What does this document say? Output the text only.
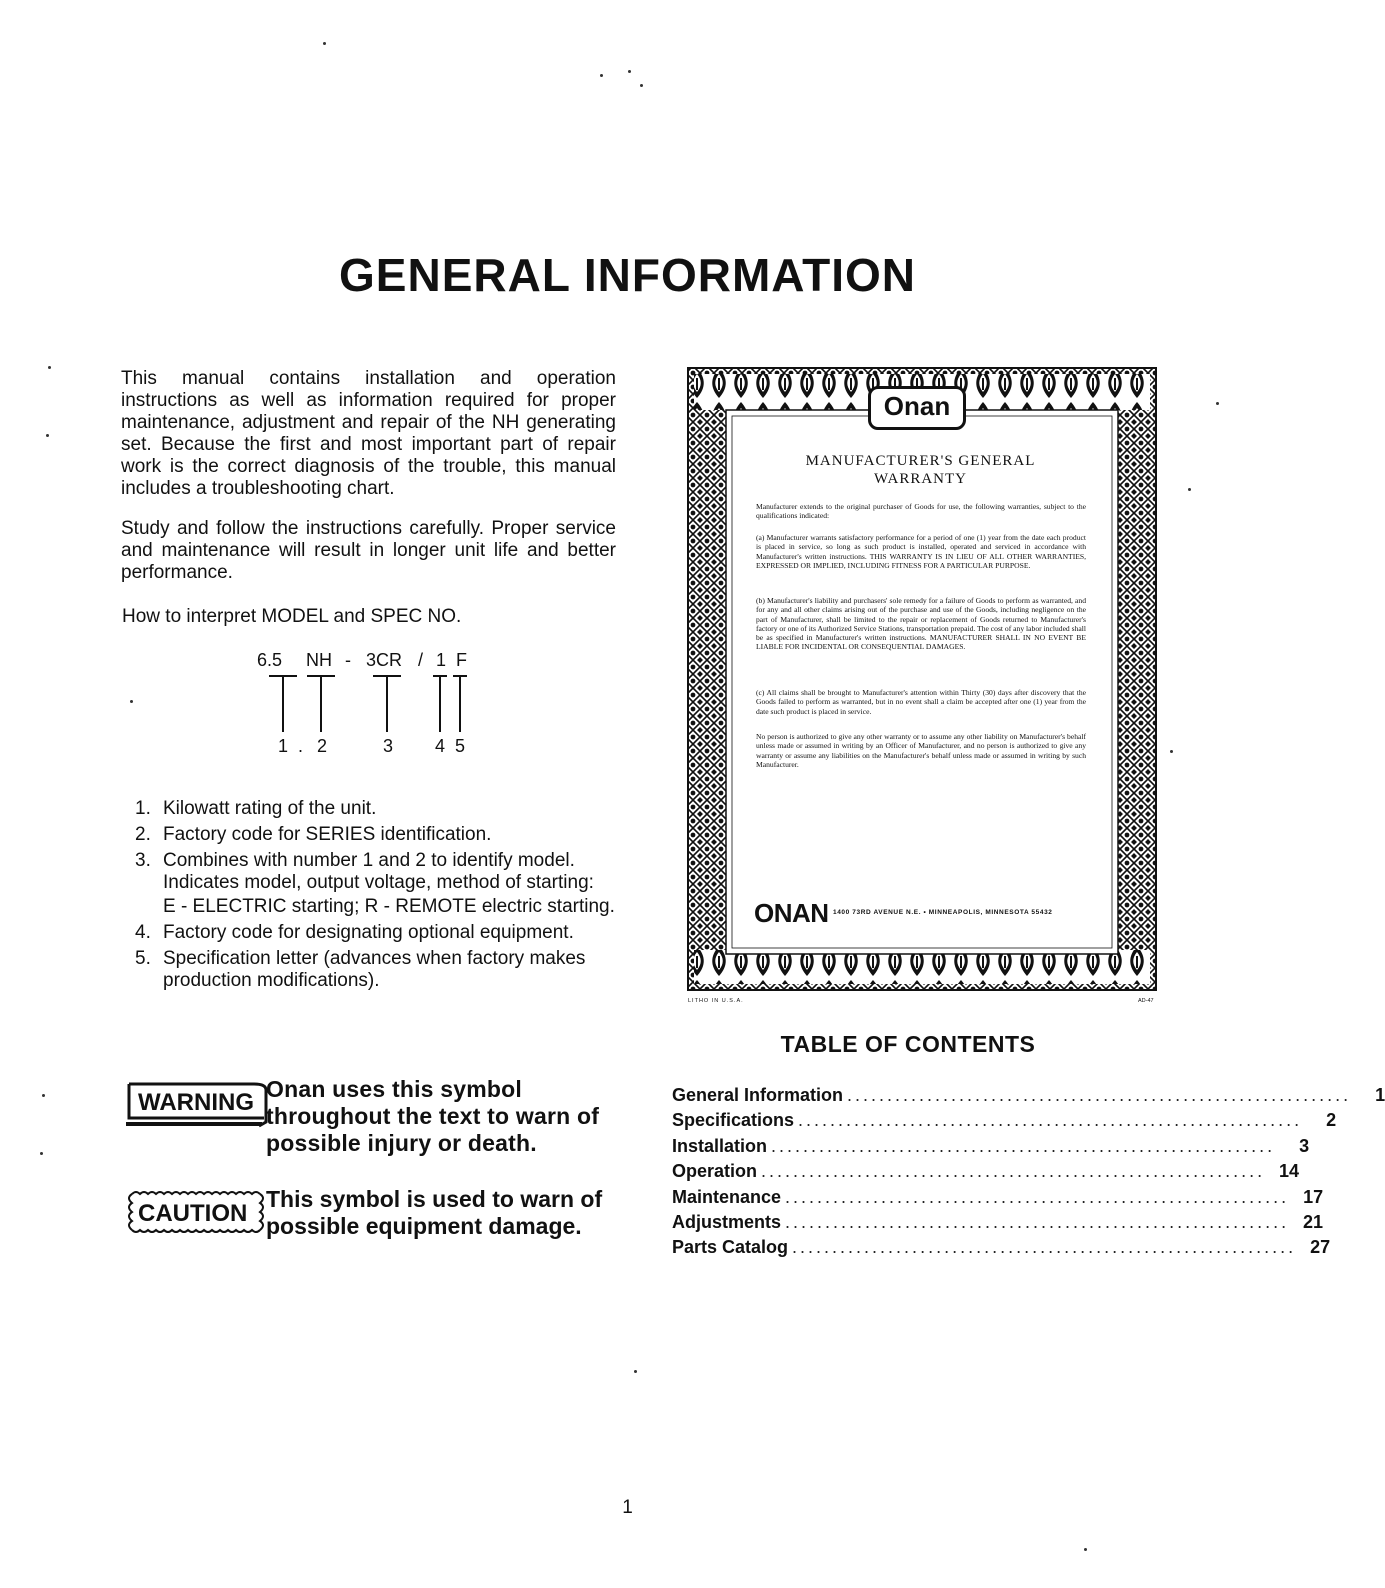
GENERAL INFORMATION

This manual contains installation and operation instructions as well as information required for proper maintenance, adjustment and repair of the NH generating set. Because the first and most important part of repair work is the correct diagnosis of the trouble, this manual includes a troubleshooting chart.

Study and follow the instructions carefully. Proper service and maintenance will result in longer unit life and better performance.

How to interpret MODEL and SPEC NO.

6.5 NH - 3CR / 1 F
1 . 2	3 4 5
1. Kilowatt rating of the unit.
2. Factory code for SERIES identification.
3. Combines with number 1 and 2 to identify model. Indicates model, output voltage, method of starting:
E - ELECTRIC starting; R - REMOTE electric starting.
4. Factory code for designating optional equipment.
5. Specification letter (advances when factory makes production modifications).
WARNING Onan uses this symbol throughout the text to warn of possible injury or death.
CAUTION
This symbol is used to warn of possible equipment damage.

Onan

MANUFACTURER'S GENERAL
WARRANTY

Manufacturer extends to the original purchaser of Goods for use, the following warranties, subject to the qualifications indicated:

(a) Manufacturer warrants satisfactory performance for a period of one (1) year from the date each product is placed in service, so long as such product is installed, operated and serviced in accordance with Manufacturer's written instructions. THIS WARRANTY IS IN LIEU OF ALL OTHER WARRANTIES, EXPRESSED OR IMPLIED, INCLUDING FITNESS FOR A PARTICULAR PURPOSE.

(b) Manufacturer's liability and purchasers' sole remedy for a failure of Goods to perform as warranted, and for any and all other claims arising out of the purchase and use of the Goods, including negligence on the part of Manufacturer, shall be limited to the repair or replacement of Goods returned to Manufacturer's factory or one of its Authorized Service Stations, transportation prepaid. The cost of any labor included shall be as specified in Manufacturer's written instructions. MANUFACTURER SHALL IN NO EVENT BE LIABLE FOR INCIDENTAL OR CONSEQUENTIAL DAMAGES.

(c) All claims shall be brought to Manufacturer's attention within Thirty (30) days after discovery that the Goods failed to perform as warranted, but in no event shall a claim be accepted after one (1) year from the date such product is placed in service.

No person is authorized to give any other warranty or to assume any other liability on Manufacturer's behalf unless made or assumed in writing by an Officer of Manufacturer, and no person is authorized to give any warranty or assume any liabilities on the Manufacturer's behalf unless made or assumed in writing by such Manufacturer.

ONAN 1400 73RD AVENUE N.E. • MINNEAPOLIS, MINNESOTA 55432

LITHO IN U.S.A.	AD-47

TABLE OF CONTENTS
General Information ...............................................................	1
Specifications ...............................................................	2
Installation ...............................................................	3
Operation ............................................................... 14
Maintenance ............................................................... 17
Adjustments ............................................................... 21
Parts Catalog ............................................................... 27

1
